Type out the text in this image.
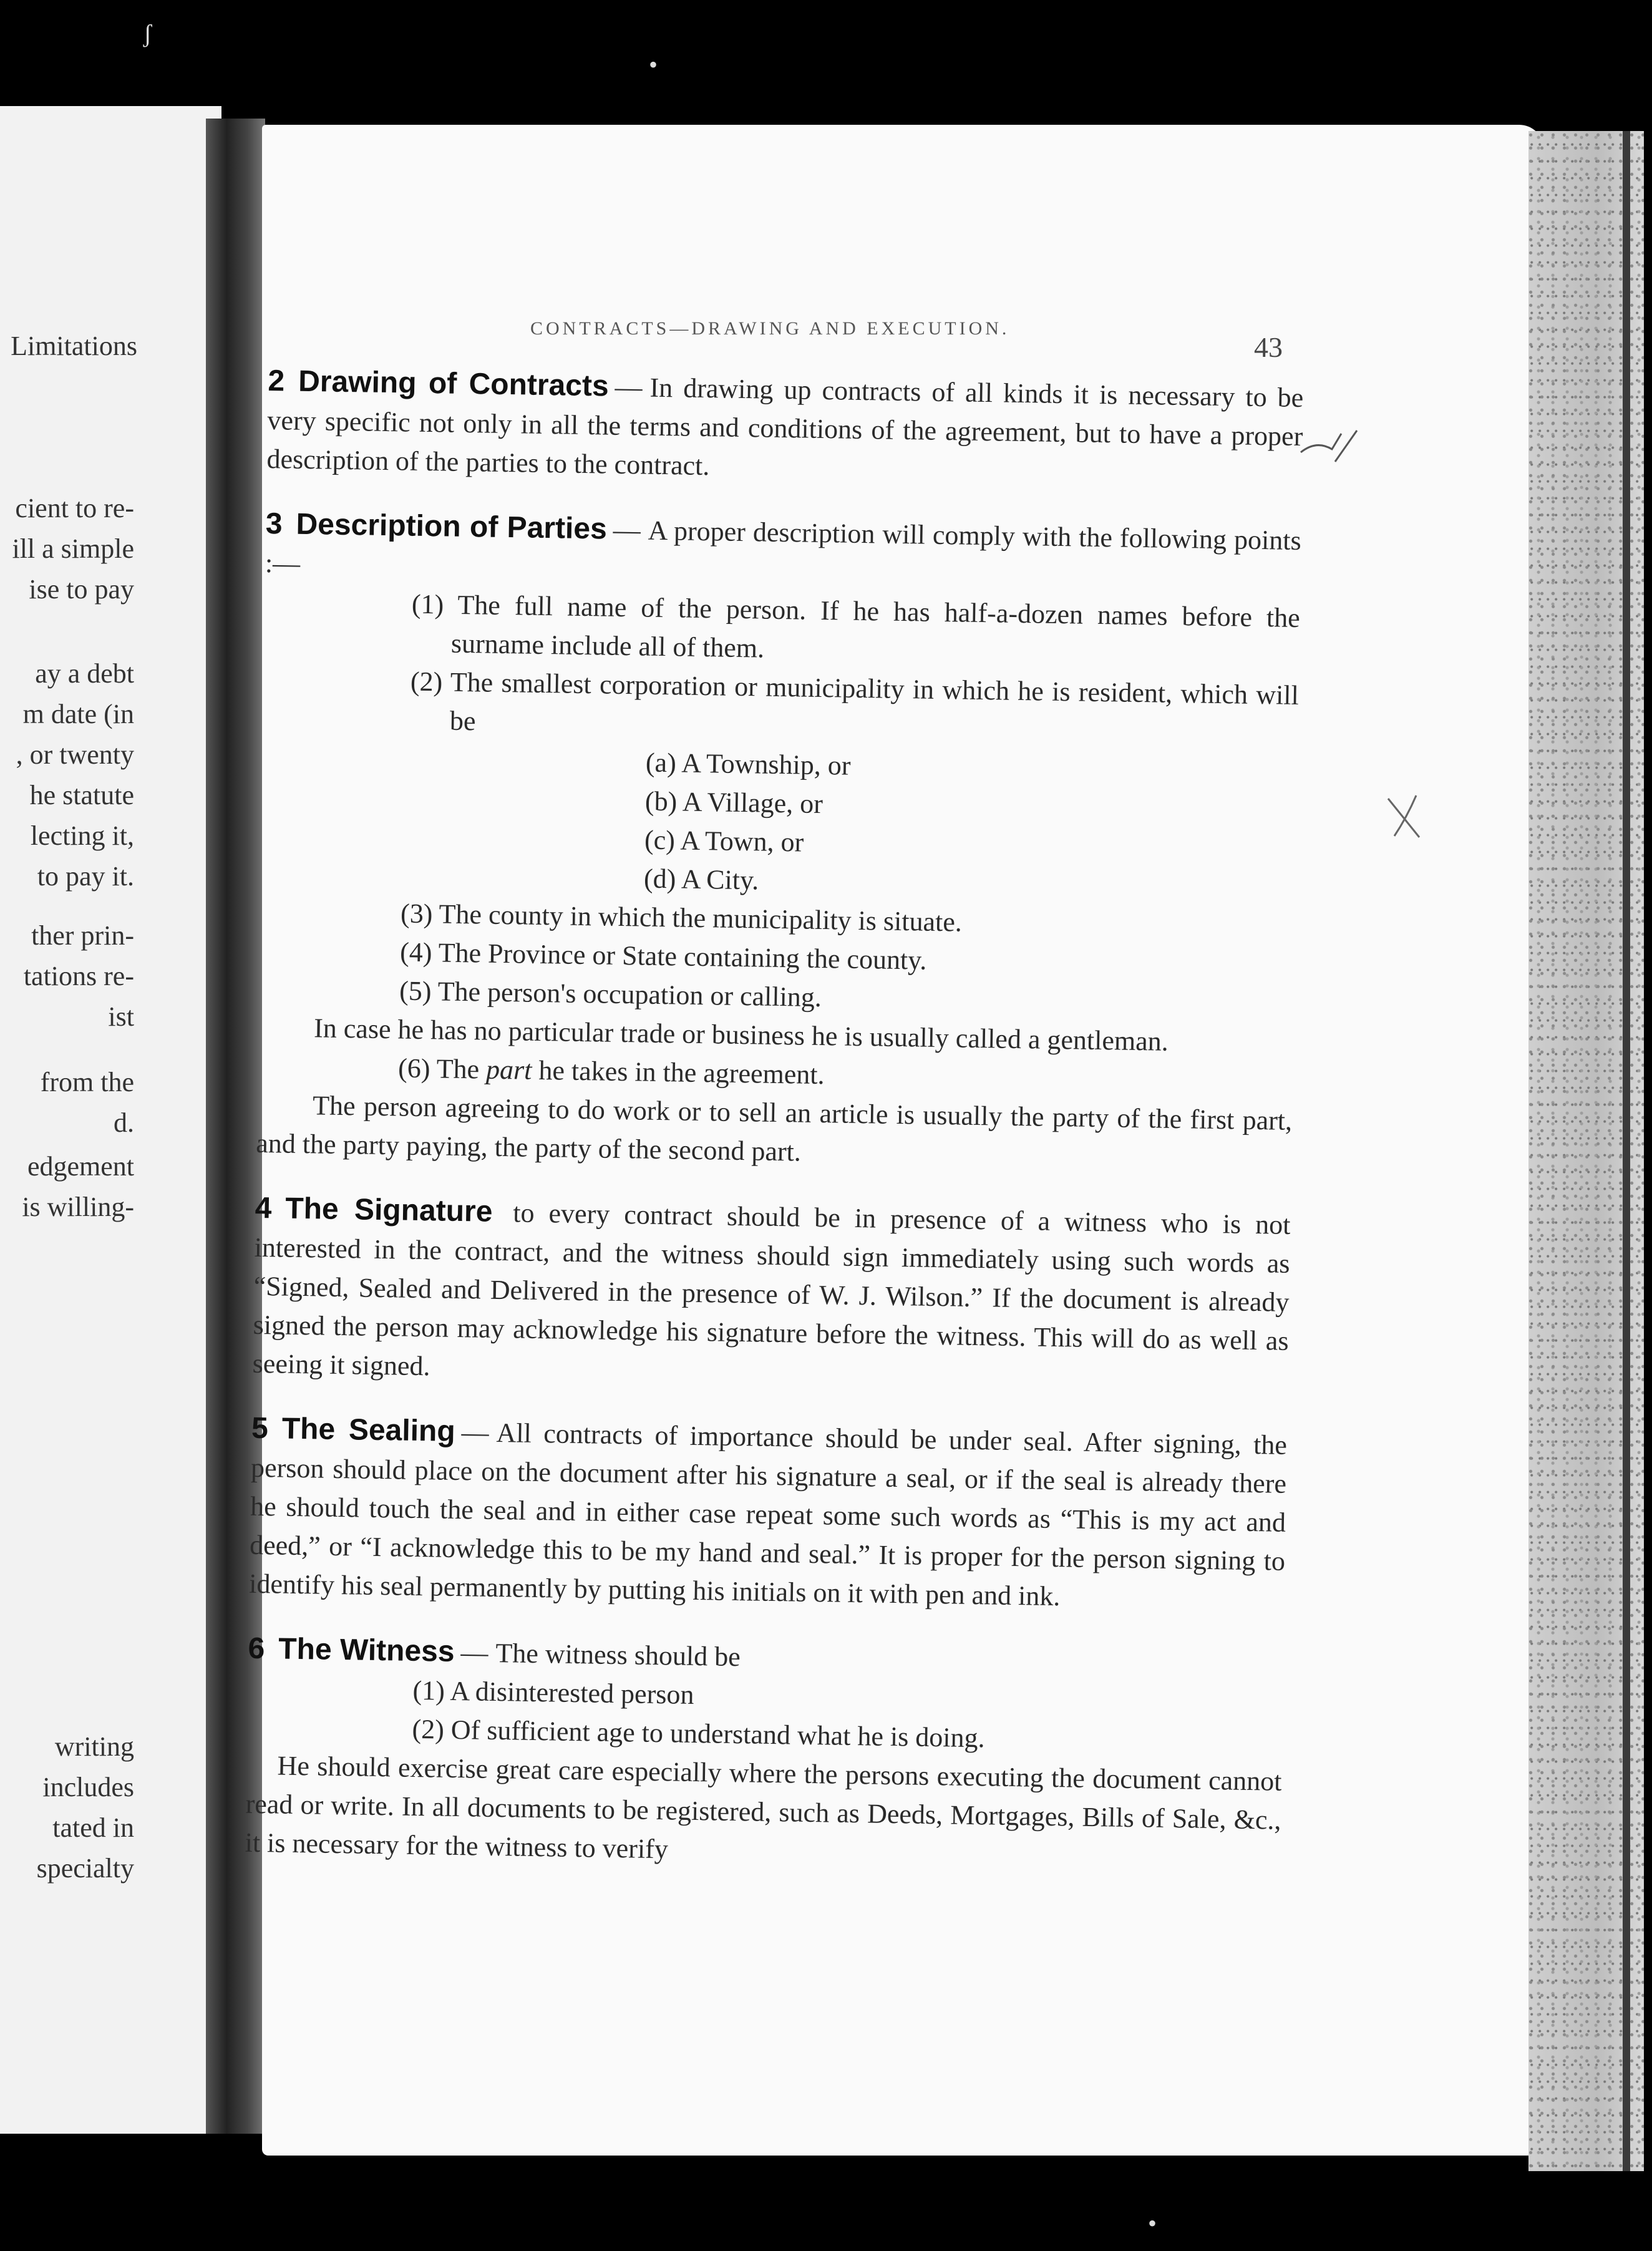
Limitations
cient to re-
ill a simple
ise to pay
ay a debt
m date (in
, or twenty
he statute
lecting it,
to pay it.
ther prin-
tations re-
ist
from the
d.
edgement
is willing-
writing
includes
tated in
specialty
CONTRACTS—DRAWING AND EXECUTION.
43
2 Drawing of Contracts — In drawing up contracts of all kinds it is necessary to be very specific not only in all the terms and conditions of the agreement, but to have a proper description of the parties to the contract.
3 Description of Parties — A proper description will comply with the following points :—
(1) The full name of the person. If he has half-a-dozen names before the surname include all of them.
(2) The smallest corporation or municipality in which he is resident, which will be
(a) A Township, or
(b) A Village, or
(c) A Town, or
(d) A City.
(3) The county in which the municipality is situate.
(4) The Province or State containing the county.
(5) The person's occupation or calling.
In case he has no particular trade or business he is usually called a gentleman.
(6) The part he takes in the agreement.
The person agreeing to do work or to sell an article is usually the party of the first part, and the party paying, the party of the second part.
4 The Signature to every contract should be in presence of a witness who is not interested in the contract, and the witness should sign immediately using such words as “Signed, Sealed and Delivered in the presence of W. J. Wilson.” If the document is already signed the person may acknowledge his signature before the witness. This will do as well as seeing it signed.
5 The Sealing — All contracts of importance should be under seal. After signing, the person should place on the document after his signature a seal, or if the seal is already there he should touch the seal and in either case repeat some such words as “This is my act and deed,” or “I acknowledge this to be my hand and seal.” It is proper for the person signing to identify his seal permanently by putting his initials on it with pen and ink.
6 The Witness — The witness should be
(1) A disinterested person
(2) Of sufficient age to understand what he is doing.
He should exercise great care especially where the persons executing the document cannot read or write. In all documents to be registered, such as Deeds, Mortgages, Bills of Sale, &c., it is necessary for the witness to verify
ʃ
•
•
